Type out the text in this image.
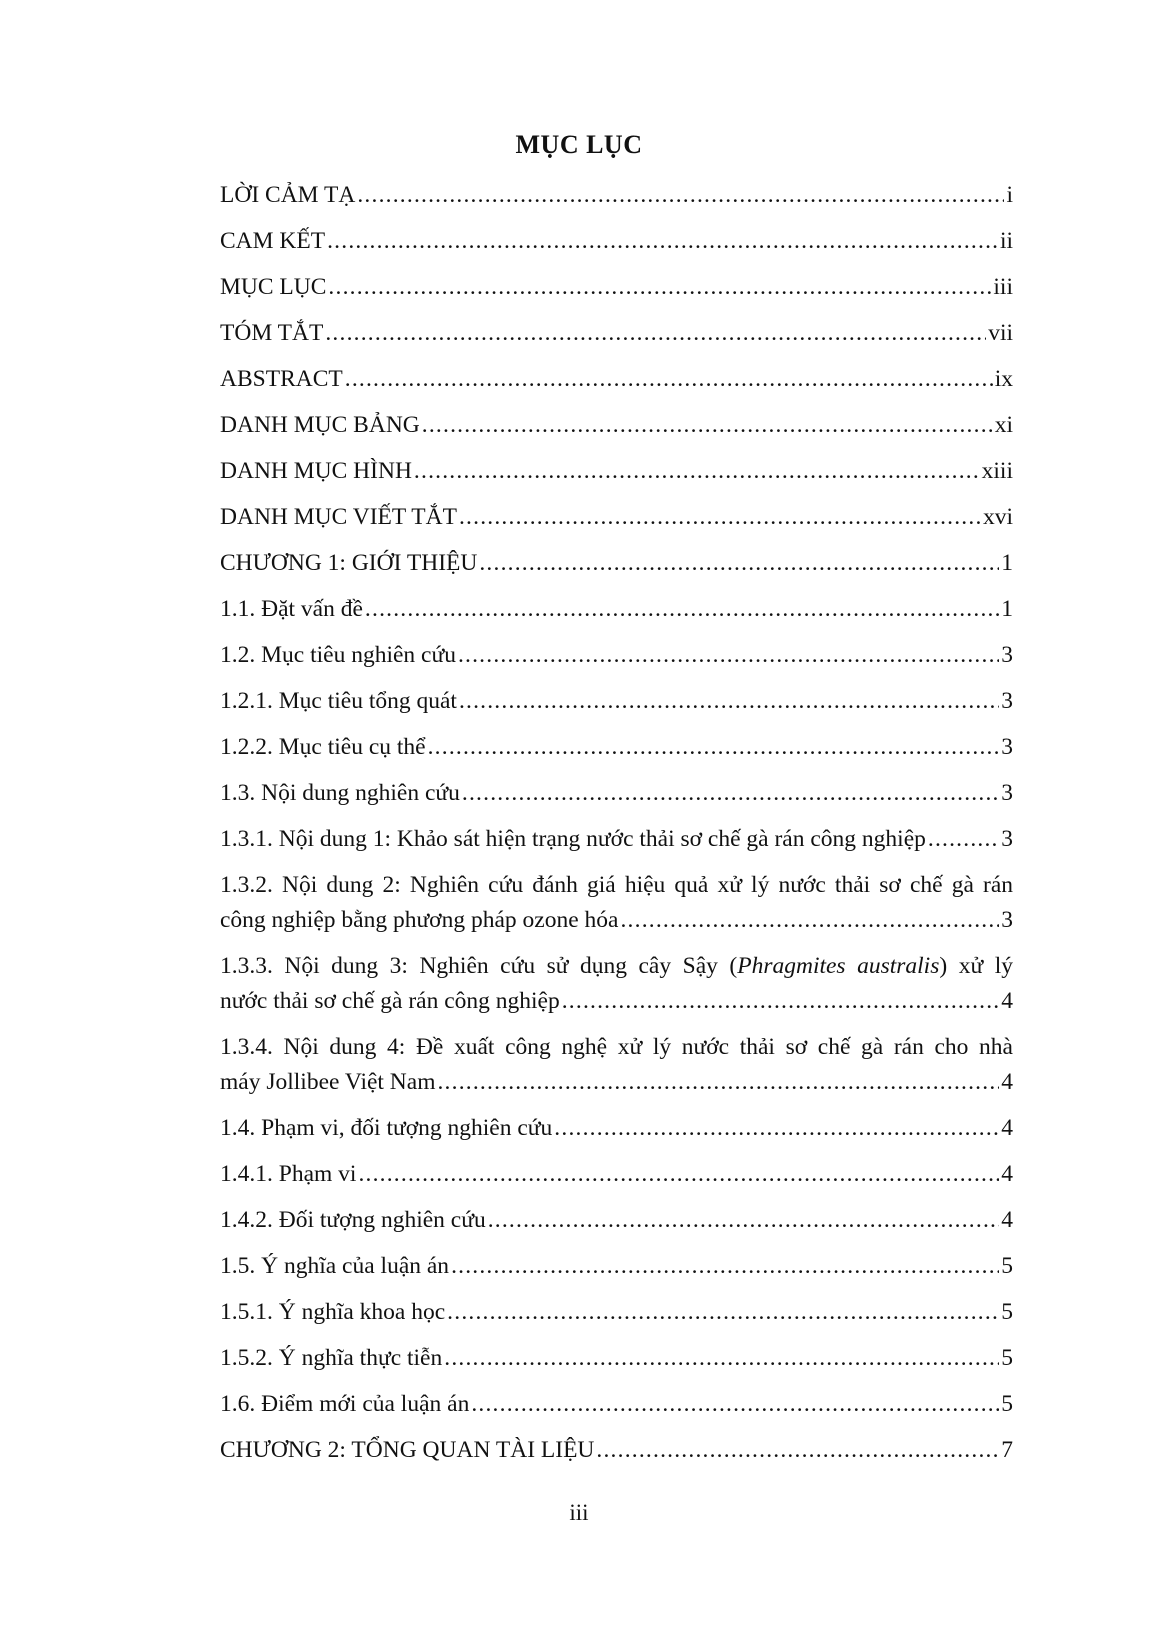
MỤC LỤC
LỜI CẢM TẠ .....	i
CAM KẾT .....	ii
MỤC LỤC .....	iii
TÓM TẮT .....	vii
ABSTRACT .....	ix
DANH MỤC BẢNG .....	xi
DANH MỤC HÌNH .....	xiii
DANH MỤC VIẾT TẮT .....	xvi
CHƯƠNG 1: GIỚI THIỆU .....	1
1.1. Đặt vấn đề .....	1
1.2. Mục tiêu nghiên cứu .....	3
1.2.1. Mục tiêu tổng quát .....	3
1.2.2. Mục tiêu cụ thể .....	3
1.3. Nội dung nghiên cứu .....	3
1.3.1. Nội dung 1: Khảo sát hiện trạng nước thải sơ chế gà rán công nghiệp .....	3
1.3.2. Nội dung 2: Nghiên cứu đánh giá hiệu quả xử lý nước thải sơ chế gà rán
công nghiệp bằng phương pháp ozone hóa .....	3
1.3.3. Nội dung 3: Nghiên cứu sử dụng cây Sậy (Phragmites australis) xử lý
nước thải sơ chế gà rán công nghiệp .....	4
1.3.4. Nội dung 4: Đề xuất công nghệ xử lý nước thải sơ chế gà rán cho nhà
máy Jollibee Việt Nam .....	4
1.4. Phạm vi, đối tượng nghiên cứu .....	4
1.4.1. Phạm vi .....	4
1.4.2. Đối tượng nghiên cứu .....	4
1.5. Ý nghĩa của luận án .....	5
1.5.1. Ý nghĩa khoa học .....	5
1.5.2. Ý nghĩa thực tiễn .....	5
1.6. Điểm mới của luận án .....	5
CHƯƠNG 2: TỔNG QUAN TÀI LIỆU .....	7
iii
